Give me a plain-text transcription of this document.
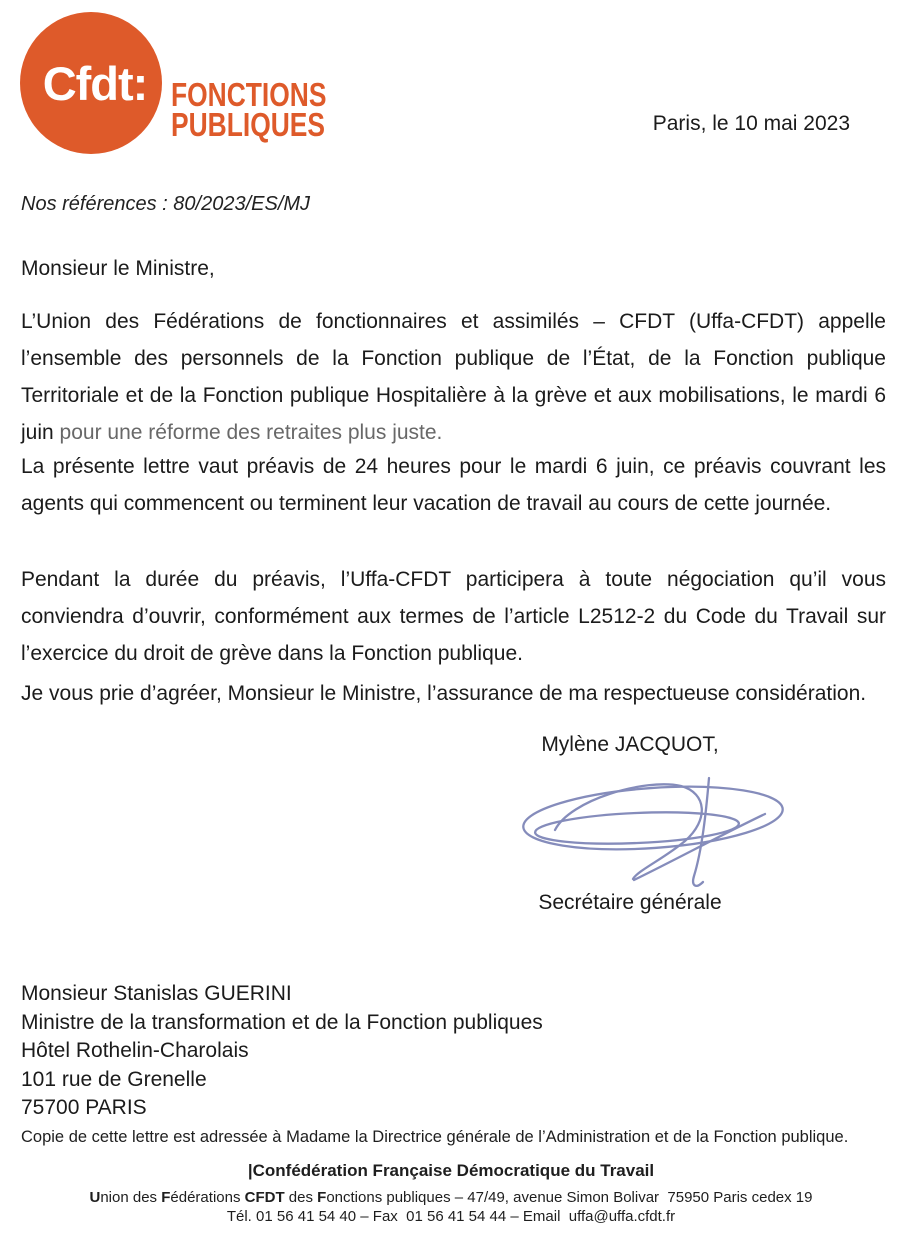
Cfdt: FONCTIONS
PUBLIQUES	Paris, le 10 mai 2023
Nos références : 80/2023/ES/MJ
Monsieur le Ministre,
L’Union des Fédérations de fonctionnaires et assimilés – CFDT (Uffa-CFDT) appelle l’ensemble des personnels de la Fonction publique de l’État, de la Fonction publique Territoriale et de la Fonction publique Hospitalière à la grève et aux mobilisations, le mardi 6 juin pour une réforme des retraites plus juste.
La présente lettre vaut préavis de 24 heures pour le mardi 6 juin, ce préavis couvrant les agents qui commencent ou terminent leur vacation de travail au cours de cette journée.
Pendant la durée du préavis, l’Uffa-CFDT participera à toute négociation qu’il vous conviendra d’ouvrir, conformément aux termes de l’article L2512-2 du Code du Travail sur l’exercice du droit de grève dans la Fonction publique.
Je vous prie d’agréer, Monsieur le Ministre, l’assurance de ma respectueuse considération.
Mylène JACQUOT,
Secrétaire générale
Monsieur Stanislas GUERINI
Ministre de la transformation et de la Fonction publiques
Hôtel Rothelin-Charolais
101 rue de Grenelle
75700 PARIS
Copie de cette lettre est adressée à Madame la Directrice générale de l’Administration et de la Fonction publique.
|Confédération Française Démocratique du Travail
Union des Fédérations CFDT des Fonctions publiques – 47/49, avenue Simon Bolivar  75950 Paris cedex 19
Tél. 01 56 41 54 40 – Fax  01 56 41 54 44 – Email  uffa@uffa.cfdt.fr
